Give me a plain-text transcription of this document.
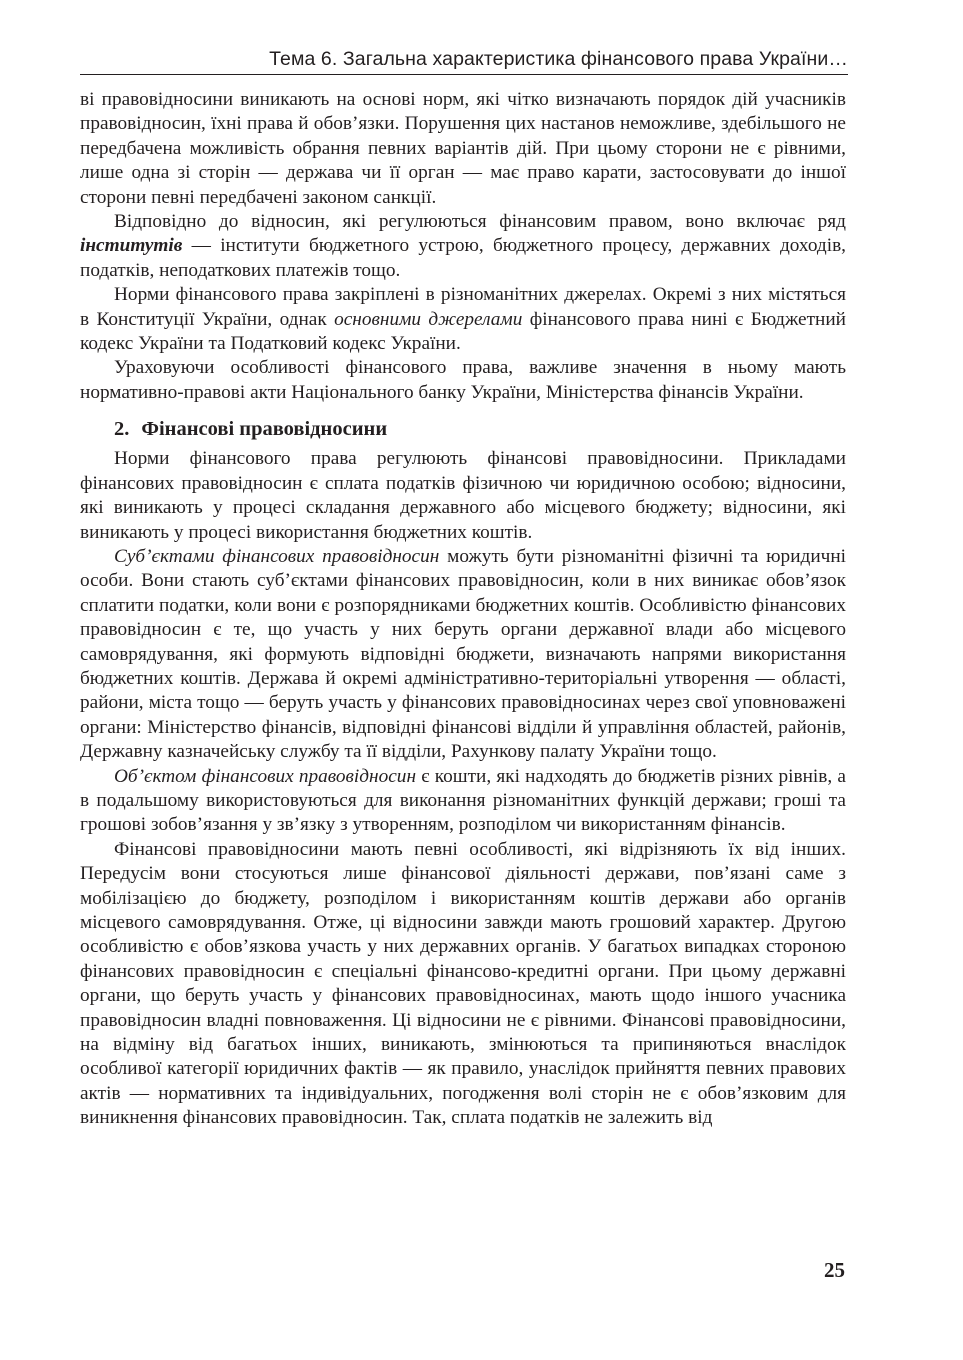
Тема 6. Загальна характеристика фінансового права України…

ві правовідносини виникають на основі норм, які чітко визначають порядок дій учасників правовідносин, їхні права й обов’язки. Порушення цих настанов неможливе, здебільшого не передбачена можливість обрання певних варіантів дій. При цьому сторони не є рівними, лише одна зі сторін — держава чи її орган — має право карати, застосовувати до іншої сторони певні передбачені законом санкції.

Відповідно до відносин, які регулюються фінансовим правом, воно включає ряд інститутів — інститути бюджетного устрою, бюджетного процесу, державних доходів, податків, неподаткових платежів тощо.

Норми фінансового права закріплені в різноманітних джерелах. Окремі з них містяться в Конституції України, однак основними джерелами фінансового права нині є Бюджетний кодекс України та Податковий кодекс України.

Ураховуючи особливості фінансового права, важливе значення в ньому мають нормативно-правові акти Національного банку України, Міністерства фінансів України.

2. Фінансові правовідносини

Норми фінансового права регулюють фінансові правовідносини. Прикладами фінансових правовідносин є сплата податків фізичною чи юридичною особою; відносини, які виникають у процесі складання державного або місцевого бюджету; відносини, які виникають у процесі використання бюджетних коштів.

Суб’єктами фінансових правовідносин можуть бути різноманітні фізичні та юридичні особи. Вони стають суб’єктами фінансових правовідносин, коли в них виникає обов’язок сплатити податки, коли вони є розпорядниками бюджетних коштів. Особливістю фінансових правовідносин є те, що участь у них беруть органи державної влади або місцевого самоврядування, які формують відповідні бюджети, визначають напрями використання бюджетних коштів. Держава й окремі адміністративно-територіальні утворення — області, райони, міста тощо — беруть участь у фінансових правовідносинах через свої уповноважені органи: Міністерство фінансів, відповідні фінансові відділи й управління областей, районів, Державну казначейську службу та її відділи, Рахункову палату України тощо.

Об’єктом фінансових правовідносин є кошти, які надходять до бюджетів різних рівнів, а в подальшому використовуються для виконання різноманітних функцій держави; гроші та грошові зобов’язання у зв’язку з утворенням, розподілом чи використанням фінансів.

Фінансові правовідносини мають певні особливості, які відрізняють їх від інших. Передусім вони стосуються лише фінансової діяльності держави, пов’язані саме з мобілізацією до бюджету, розподілом і використанням коштів держави або органів місцевого самоврядування. Отже, ці відносини завжди мають грошовий характер. Другою особливістю є обов’язкова участь у них державних органів. У багатьох випадках стороною фінансових правовідносин є спеціальні фінансово-кредитні органи. При цьому державні органи, що беруть участь у фінансових правовідносинах, мають щодо іншого учасника правовідносин владні повноваження. Ці відносини не є рівними. Фінансові правовідносини, на відміну від багатьох інших, виникають, змінюються та припиняються внаслідок особливої категорії юридичних фактів — як правило, унаслідок прийняття певних правових актів — нормативних та індивідуальних, погодження волі сторін не є обов’язковим для виникнення фінансових правовідносин. Так, сплата податків не залежить від

25
